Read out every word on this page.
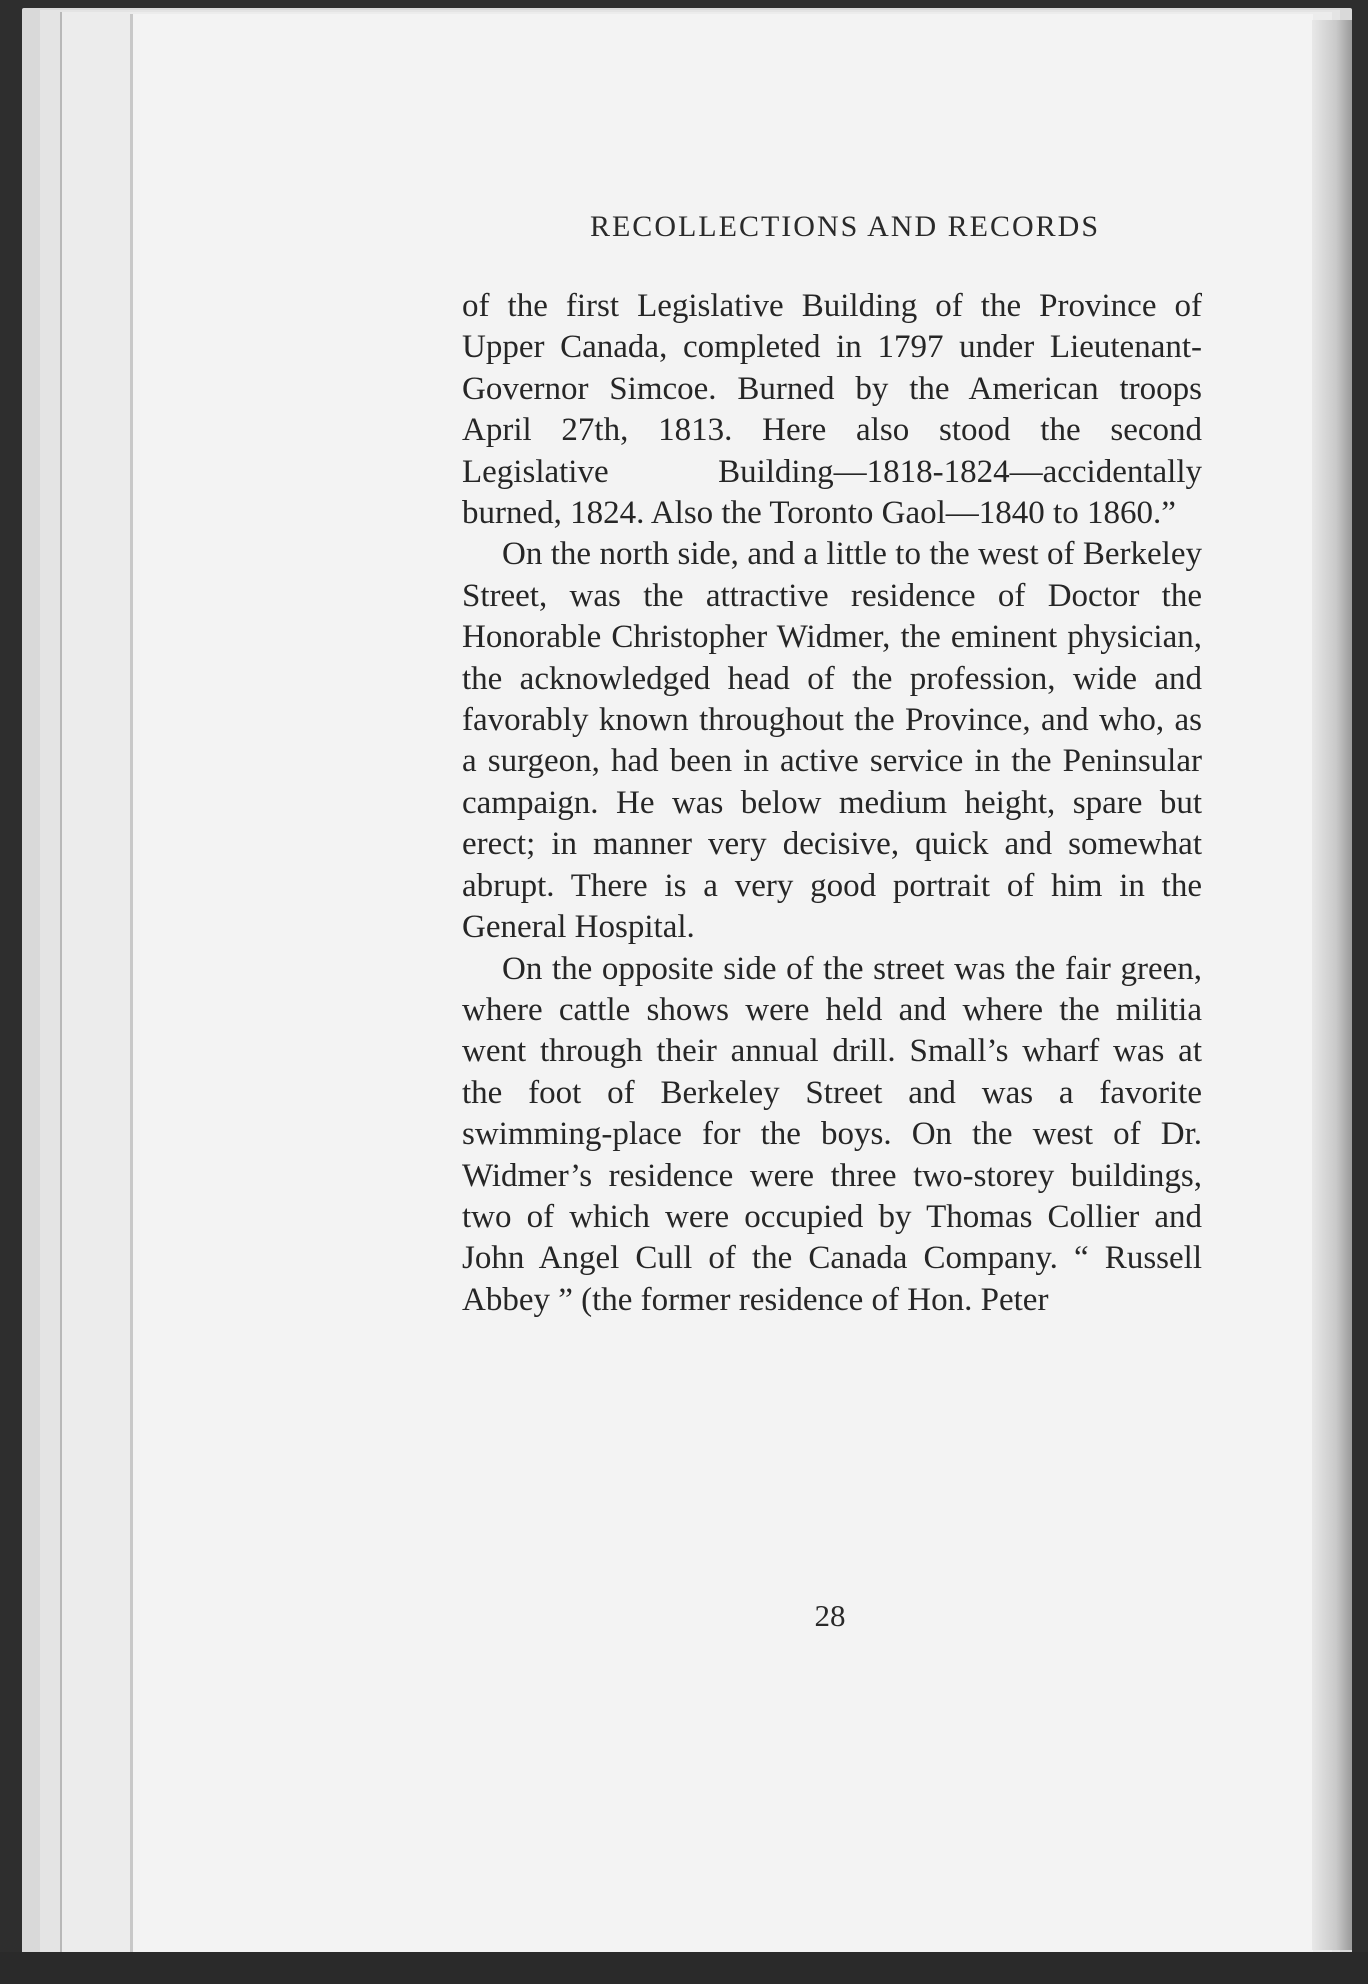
RECOLLECTIONS AND RECORDS

of the first Legislative Building of the Province of Upper Canada, completed in 1797 under Lieutenant-Governor Simcoe. Burned by the American troops April 27th, 1813. Here also stood the second Legislative Building—1818-1824—accidentally burned, 1824. Also the Toronto Gaol—1840 to 1860.”

On the north side, and a little to the west of Berkeley Street, was the attractive residence of Doctor the Honorable Christopher Widmer, the eminent physician, the acknowledged head of the profession, wide and favorably known throughout the Province, and who, as a surgeon, had been in active service in the Peninsular campaign. He was below medium height, spare but erect; in manner very decisive, quick and somewhat abrupt. There is a very good portrait of him in the General Hospital.

On the opposite side of the street was the fair green, where cattle shows were held and where the militia went through their annual drill. Small’s wharf was at the foot of Berkeley Street and was a favorite swimming-place for the boys. On the west of Dr. Widmer’s residence were three two-storey buildings, two of which were occupied by Thomas Collier and John Angel Cull of the Canada Company. “ Russell Abbey ” (the former residence of Hon. Peter

28
